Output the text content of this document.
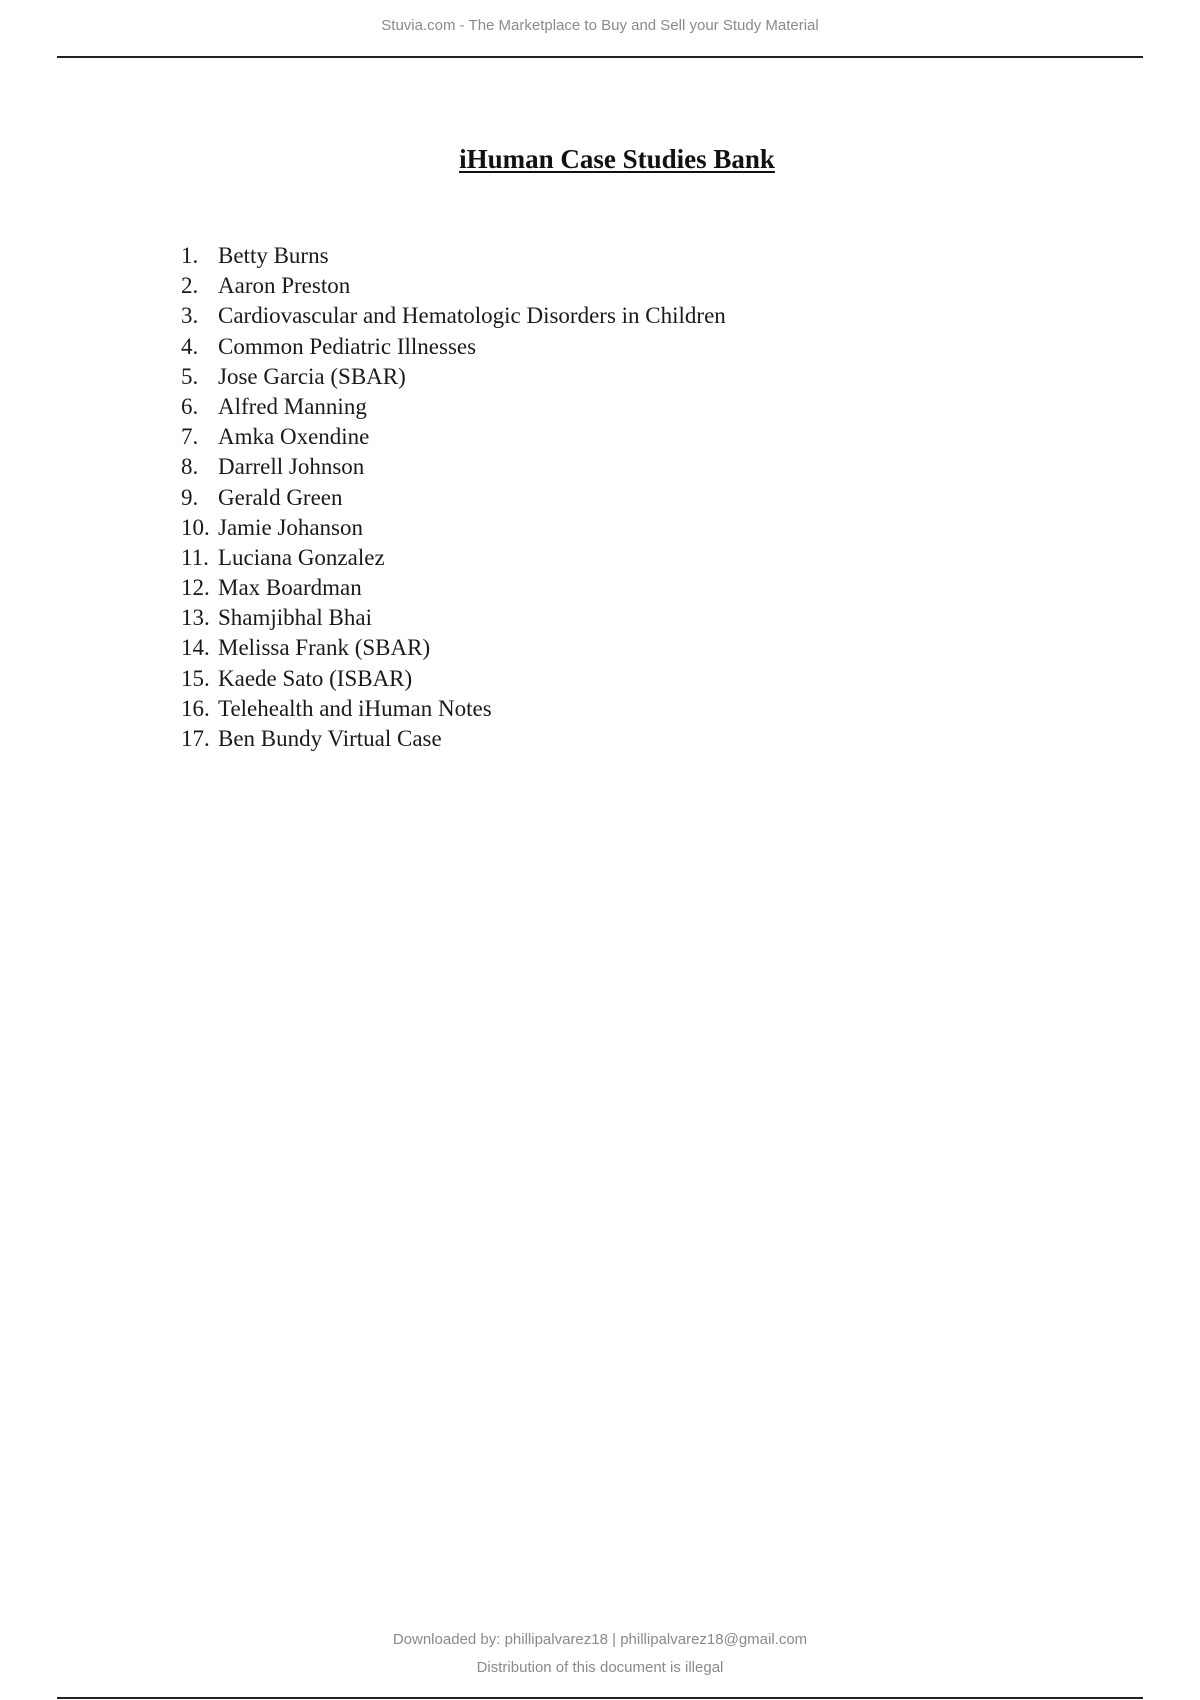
Stuvia.com - The Marketplace to Buy and Sell your Study Material
iHuman Case Studies Bank
1. Betty Burns
2. Aaron Preston
3. Cardiovascular and Hematologic Disorders in Children
4. Common Pediatric Illnesses
5. Jose Garcia (SBAR)
6. Alfred Manning
7. Amka Oxendine
8. Darrell Johnson
9. Gerald Green
10. Jamie Johanson
11. Luciana Gonzalez
12. Max Boardman
13. Shamjibhal Bhai
14. Melissa Frank (SBAR)
15. Kaede Sato (ISBAR)
16. Telehealth and iHuman Notes
17. Ben Bundy Virtual Case
Downloaded by: phillipalvarez18 | phillipalvarez18@gmail.com
Distribution of this document is illegal
